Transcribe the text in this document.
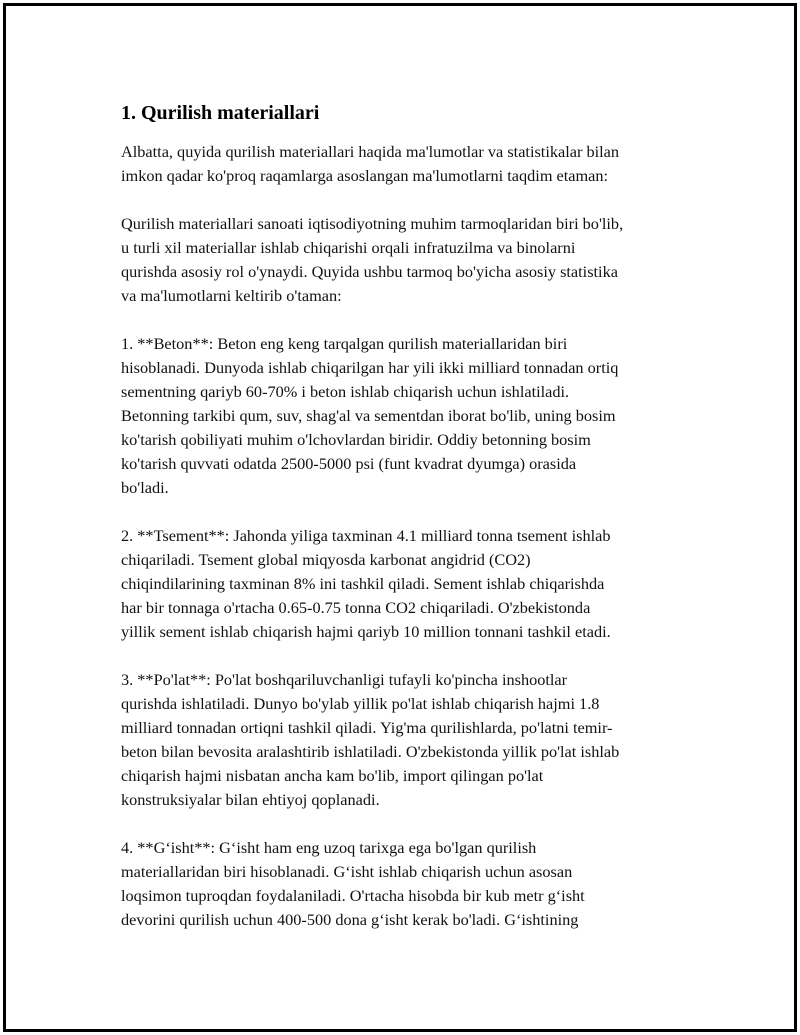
1. Qurilish materiallari

Albatta, quyida qurilish materiallari haqida ma'lumotlar va statistikalar bilan
imkon qadar ko'proq raqamlarga asoslangan ma'lumotlarni taqdim etaman:

Qurilish materiallari sanoati iqtisodiyotning muhim tarmoqlaridan biri bo'lib,
u turli xil materiallar ishlab chiqarishi orqali infratuzilma va binolarni
qurishda asosiy rol o'ynaydi. Quyida ushbu tarmoq bo'yicha asosiy statistika
va ma'lumotlarni keltirib o'taman:

1. **Beton**: Beton eng keng tarqalgan qurilish materiallaridan biri
hisoblanadi. Dunyoda ishlab chiqarilgan har yili ikki milliard tonnadan ortiq
sementning qariyb 60-70% i beton ishlab chiqarish uchun ishlatiladi.
Betonning tarkibi qum, suv, shag'al va sementdan iborat bo'lib, uning bosim
ko'tarish qobiliyati muhim o'lchovlardan biridir. Oddiy betonning bosim
ko'tarish quvvati odatda 2500-5000 psi (funt kvadrat dyumga) orasida
bo'ladi.

2. **Tsement**: Jahonda yiliga taxminan 4.1 milliard tonna tsement ishlab
chiqariladi. Tsement global miqyosda karbonat angidrid (CO2)
chiqindilarining taxminan 8% ini tashkil qiladi. Sement ishlab chiqarishda
har bir tonnaga o'rtacha 0.65-0.75 tonna CO2 chiqariladi. O'zbekistonda
yillik sement ishlab chiqarish hajmi qariyb 10 million tonnani tashkil etadi.

3. **Po'lat**: Po'lat boshqariluvchanligi tufayli ko'pincha inshootlar
qurishda ishlatiladi. Dunyo bo'ylab yillik po'lat ishlab chiqarish hajmi 1.8
milliard tonnadan ortiqni tashkil qiladi. Yig'ma qurilishlarda, po'latni temir-
beton bilan bevosita aralashtirib ishlatiladi. O'zbekistonda yillik po'lat ishlab
chiqarish hajmi nisbatan ancha kam bo'lib, import qilingan po'lat
konstruksiyalar bilan ehtiyoj qoplanadi.

4. **G‘isht**: G‘isht ham eng uzoq tarixga ega bo'lgan qurilish
materiallaridan biri hisoblanadi. G‘isht ishlab chiqarish uchun asosan
loqsimon tuproqdan foydalaniladi. O'rtacha hisobda bir kub metr g‘isht
devorini qurilish uchun 400-500 dona g‘isht kerak bo'ladi. G‘ishtining
